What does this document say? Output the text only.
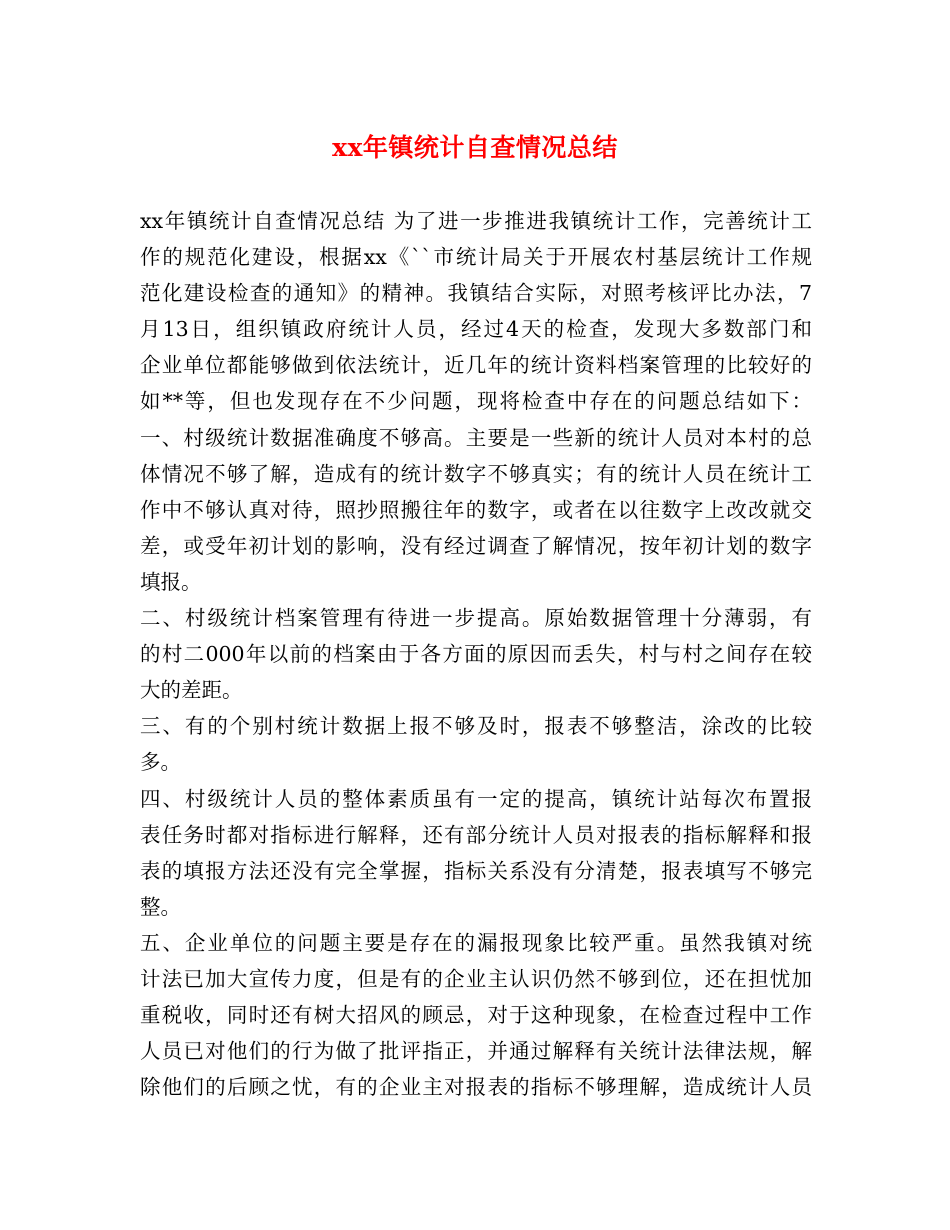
xx年镇统计自查情况总结
xx年镇统计自查情况总结 为了进一步推进我镇统计工作，完善统计工
作的规范化建设，根据xx《``市统计局关于开展农村基层统计工作规
范化建设检查的通知》的精神。我镇结合实际，对照考核评比办法，7
月13日，组织镇政府统计人员，经过4天的检查，发现大多数部门和
企业单位都能够做到依法统计，近几年的统计资料档案管理的比较好的
如**等，但也发现存在不少问题，现将检查中存在的问题总结如下：
一、村级统计数据准确度不够高。主要是一些新的统计人员对本村的总
体情况不够了解，造成有的统计数字不够真实；有的统计人员在统计工
作中不够认真对待，照抄照搬往年的数字，或者在以往数字上改改就交
差，或受年初计划的影响，没有经过调查了解情况，按年初计划的数字
填报。
二、村级统计档案管理有待进一步提高。原始数据管理十分薄弱，有
的村二000年以前的档案由于各方面的原因而丢失，村与村之间存在较
大的差距。
三、有的个别村统计数据上报不够及时，报表不够整洁，涂改的比较
多。
四、村级统计人员的整体素质虽有一定的提高，镇统计站每次布置报
表任务时都对指标进行解释，还有部分统计人员对报表的指标解释和报
表的填报方法还没有完全掌握，指标关系没有分清楚，报表填写不够完
整。
五、企业单位的问题主要是存在的漏报现象比较严重。虽然我镇对统
计法已加大宣传力度，但是有的企业主认识仍然不够到位，还在担忧加
重税收，同时还有树大招风的顾忌，对于这种现象，在检查过程中工作
人员已对他们的行为做了批评指正，并通过解释有关统计法律法规，解
除他们的后顾之忧，有的企业主对报表的指标不够理解，造成统计人员
